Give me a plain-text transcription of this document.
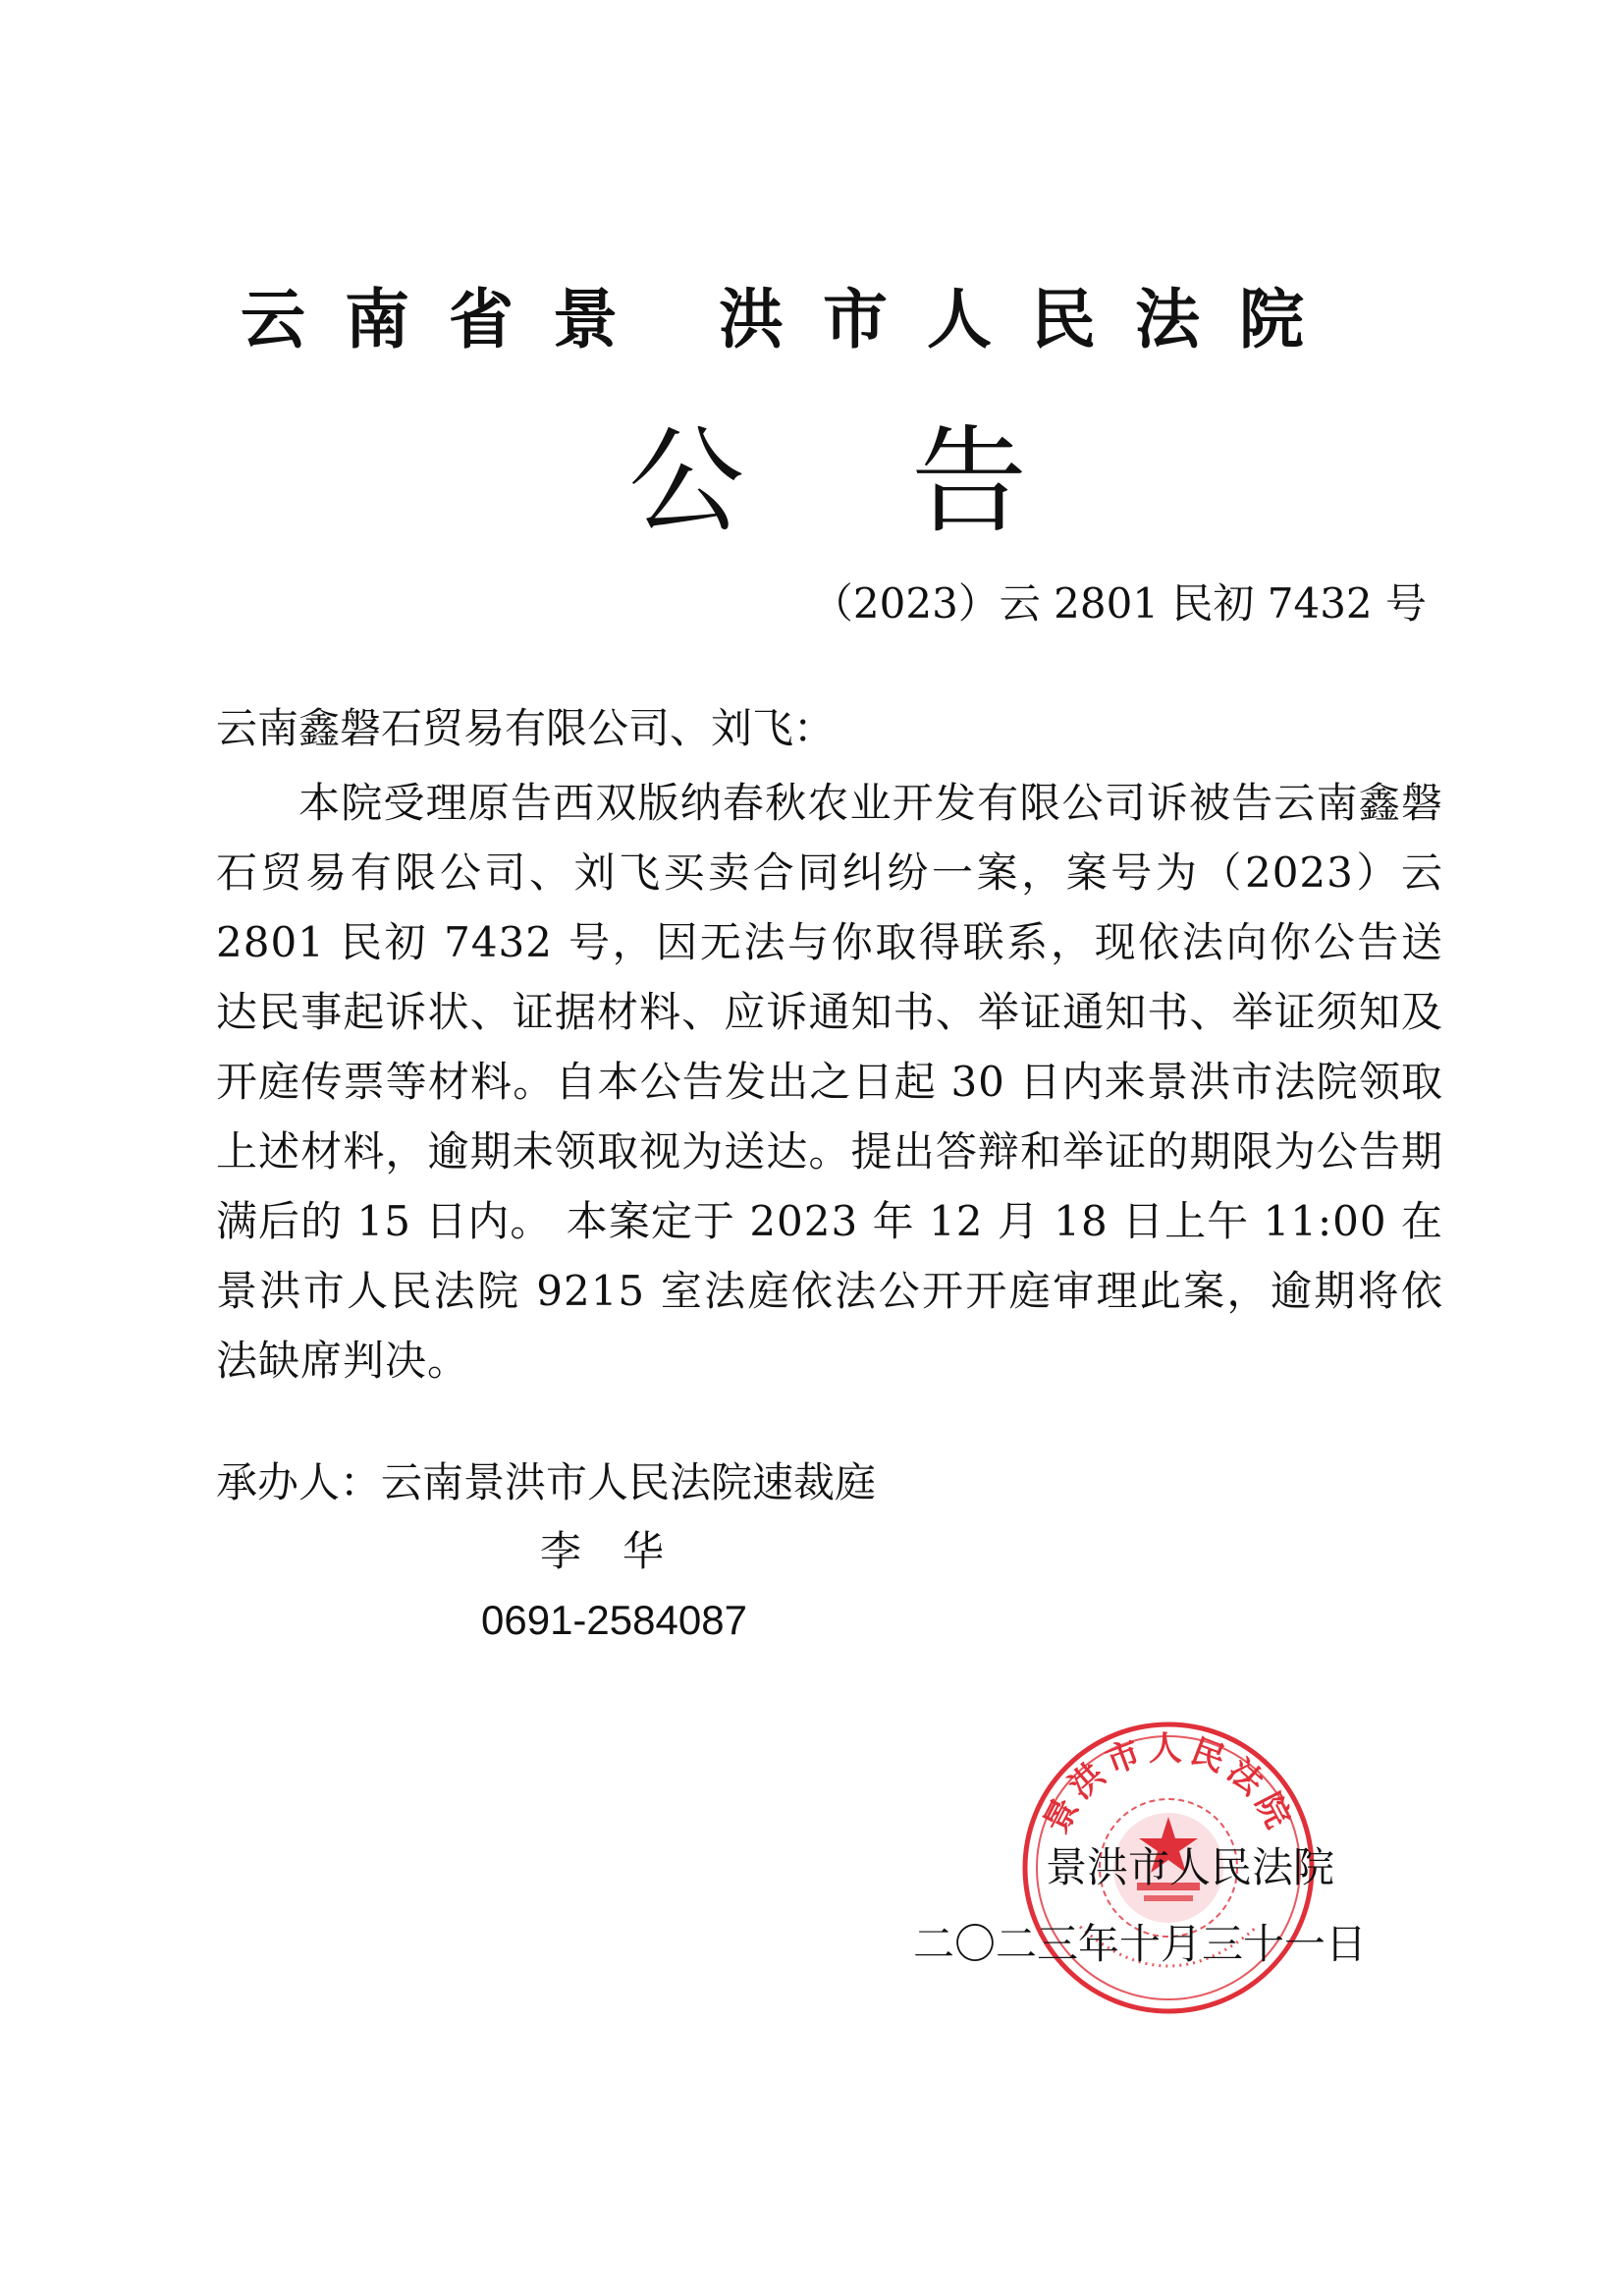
云南省景 洪市人民法院
公告
（2023）云 2801 民初 7432 号
云南鑫磐石贸易有限公司、刘飞：

本院受理原告西双版纳春秋农业开发有限公司诉被告云南鑫磐石贸易有限公司、刘飞买卖合同纠纷一案，案号为（2023）云 2801 民初 7432 号，因无法与你取得联系，现依法向你公告送达民事起诉状、证据材料、应诉通知书、举证通知书、举证须知及开庭传票等材料。自本公告发出之日起 30 日内来景洪市法院领取上述材料，逾期未领取视为送达。提出答辩和举证的期限为公告期满后的 15 日内。 本案定于 2023 年 12 月 18 日上午 11:00 在景洪市人民法院 9215 室法庭依法公开开庭审理此案，逾期将依法缺席判决。

承办人：云南景洪市人民法院速裁庭
李华
0691-2584087
景洪市人民法院
景洪市人民法院
二〇二三年十月三十一日
